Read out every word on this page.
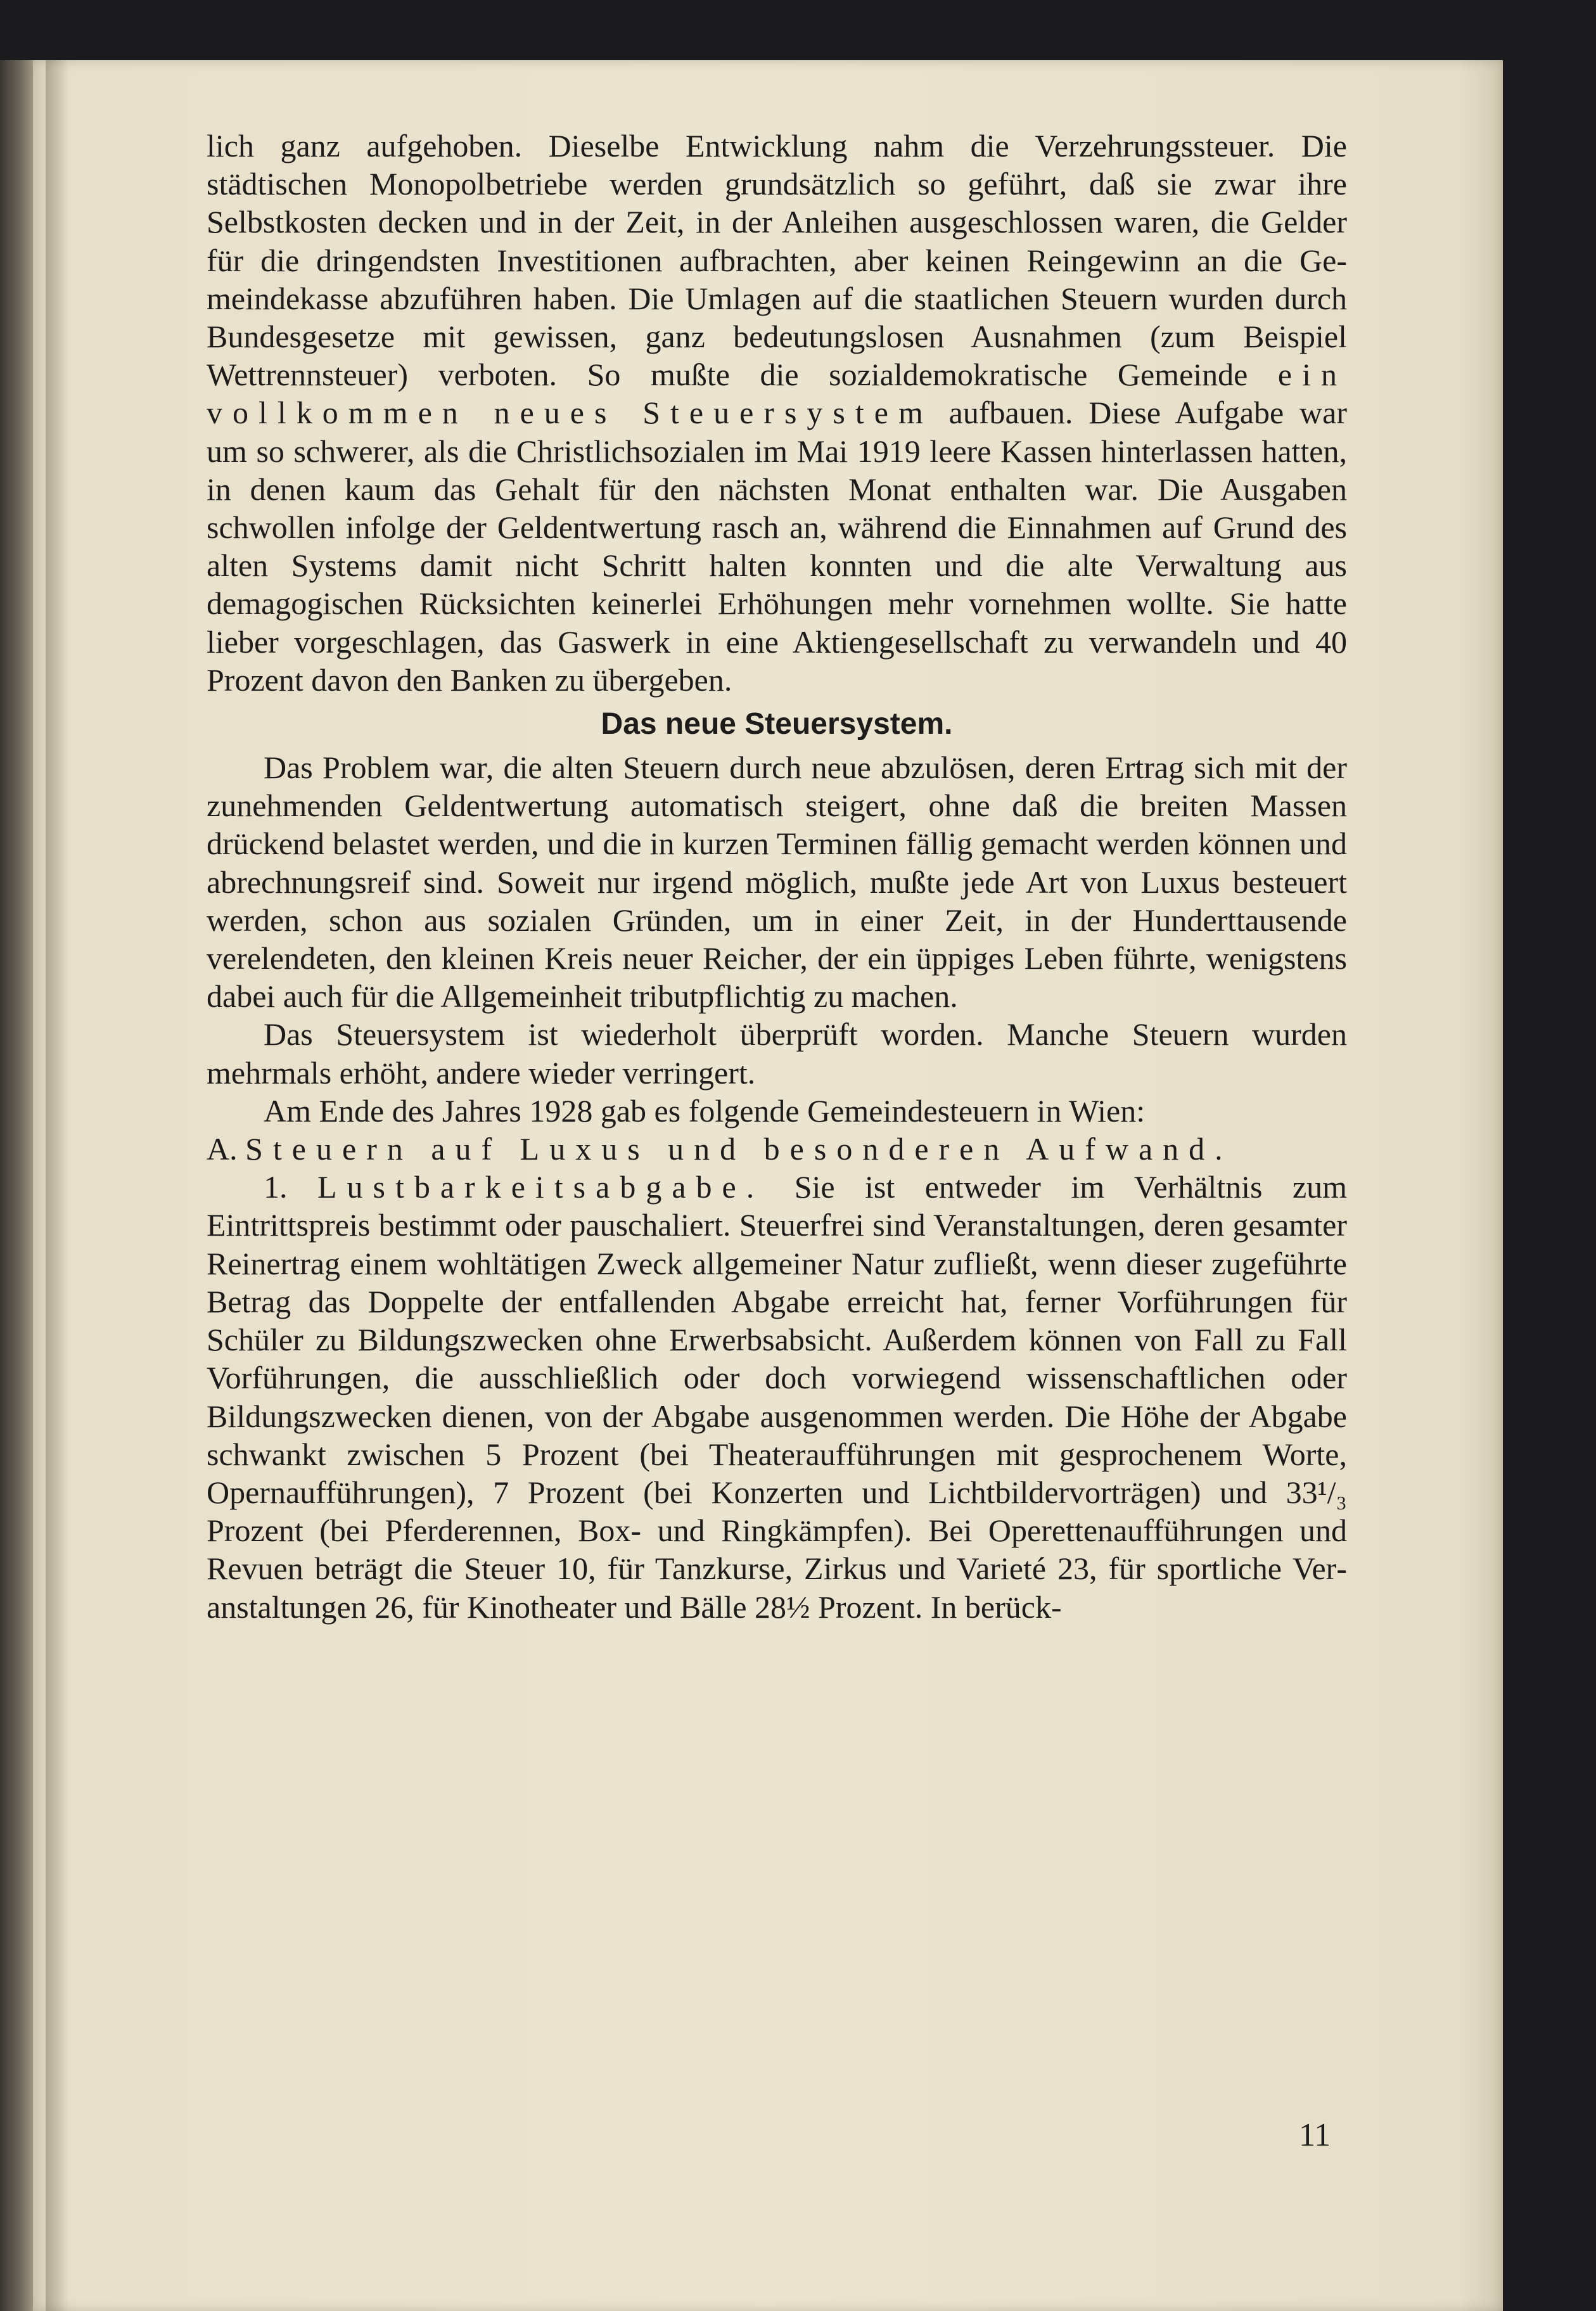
lich ganz aufgehoben. Dieselbe Entwicklung nahm die Verzehrungssteuer. Die städtischen Monopolbetriebe werden grundsätzlich so geführt, daß sie zwar ihre Selbstkosten decken und in der Zeit, in der Anleihen ausgeschlossen waren, die Gelder für die dringendsten Investitionen aufbrachten, aber keinen Reingewinn an die Gemeindekasse abzuführen haben. Die Umlagen auf die staatlichen Steuern wurden durch Bundesgesetze mit gewissen, ganz bedeutungslosen Ausnahmen (zum Beispiel Wettrennsteuer) verboten. So mußte die sozialdemokratische Gemeinde ein vollkommen neues Steuersystem aufbauen. Diese Aufgabe war um so schwerer, als die Christlichsozialen im Mai 1919 leere Kassen hinterlassen hatten, in denen kaum das Gehalt für den nächsten Monat enthalten war. Die Ausgaben schwollen infolge der Geldentwertung rasch an, während die Einnahmen auf Grund des alten Systems damit nicht Schritt halten konnten und die alte Verwaltung aus demagogischen Rücksichten keinerlei Erhöhungen mehr vornehmen wollte. Sie hatte lieber vorgeschlagen, das Gaswerk in eine Aktiengesellschaft zu verwandeln und 40 Prozent davon den Banken zu übergeben.

Das neue Steuersystem.

Das Problem war, die alten Steuern durch neue abzulösen, deren Ertrag sich mit der zunehmenden Geldentwertung automatisch steigert, ohne daß die breiten Massen drückend belastet werden, und die in kurzen Terminen fällig gemacht werden können und abrechnungsreif sind. Soweit nur irgend möglich, mußte jede Art von Luxus besteuert werden, schon aus sozialen Gründen, um in einer Zeit, in der Hunderttausende verelendeten, den kleinen Kreis neuer Reicher, der ein üppiges Leben führte, wenigstens dabei auch für die Allgemeinheit tributpflichtig zu machen.

Das Steuersystem ist wiederholt überprüft worden. Manche Steuern wurden mehrmals erhöht, andere wieder verringert.

Am Ende des Jahres 1928 gab es folgende Gemeindesteuern in Wien:

A. Steuern auf Luxus und besonderen Aufwand.

1. Lustbarkeitsabgabe. Sie ist entweder im Verhältnis zum Eintrittspreis bestimmt oder pauschaliert. Steuerfrei sind Veranstaltungen, deren gesamter Reinertrag einem wohltätigen Zweck allgemeiner Natur zufließt, wenn dieser zugeführte Betrag das Doppelte der entfallenden Abgabe erreicht hat, ferner Vorführungen für Schüler zu Bildungszwecken ohne Erwerbsabsicht. Außerdem können von Fall zu Fall Vorführungen, die ausschließlich oder doch vorwiegend wissenschaftlichen oder Bildungszwecken dienen, von der Abgabe ausgenommen werden. Die Höhe der Abgabe schwankt zwischen 5 Prozent (bei Theateraufführungen mit gesprochenem Worte, Opernaufführungen), 7 Prozent (bei Konzerten und Lichtbildervorträgen) und 33¹/₃ Prozent (bei Pferderennen, Box- und Ringkämpfen). Bei Operettenaufführungen und Revuen beträgt die Steuer 10, für Tanzkurse, Zirkus und Varieté 23, für sportliche Veranstaltungen 26, für Kinotheater und Bälle 28½ Prozent. In berück-

11
